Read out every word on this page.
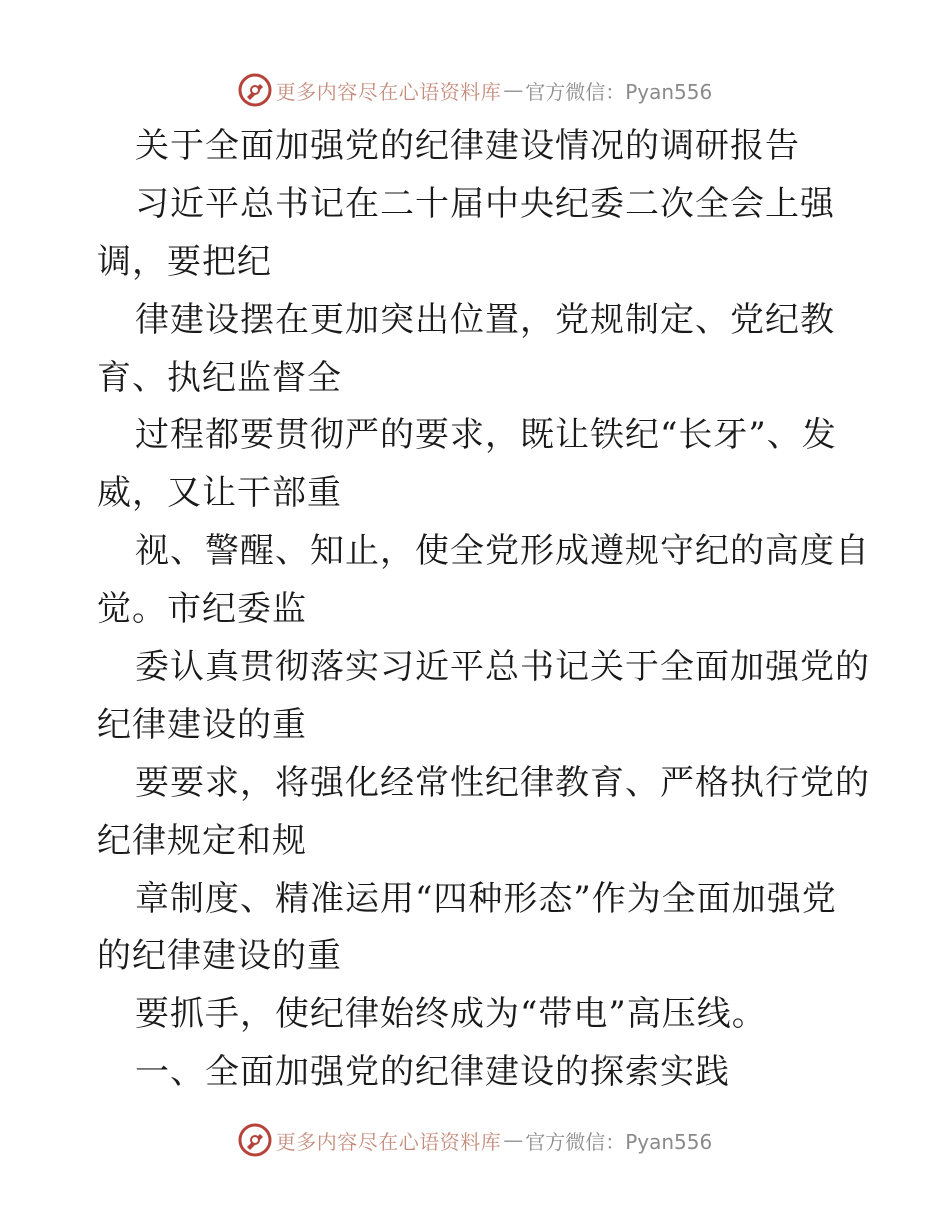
更多内容尽在心语资料库 — 官方微信：Pyan556
关于全面加强党的纪律建设情况的调研报告
习近平总书记在二十届中央纪委二次全会上强
调，要把纪
律建设摆在更加突出位置，党规制定、党纪教
育、执纪监督全
过程都要贯彻严的要求，既让铁纪“长牙”、发
威，又让干部重
视、警醒、知止，使全党形成遵规守纪的高度自
觉。市纪委监
委认真贯彻落实习近平总书记关于全面加强党的
纪律建设的重
要要求，将强化经常性纪律教育、严格执行党的
纪律规定和规
章制度、精准运用“四种形态”作为全面加强党
的纪律建设的重
要抓手，使纪律始终成为“带电”高压线。
一、全面加强党的纪律建设的探索实践
更多内容尽在心语资料库 — 官方微信：Pyan556
